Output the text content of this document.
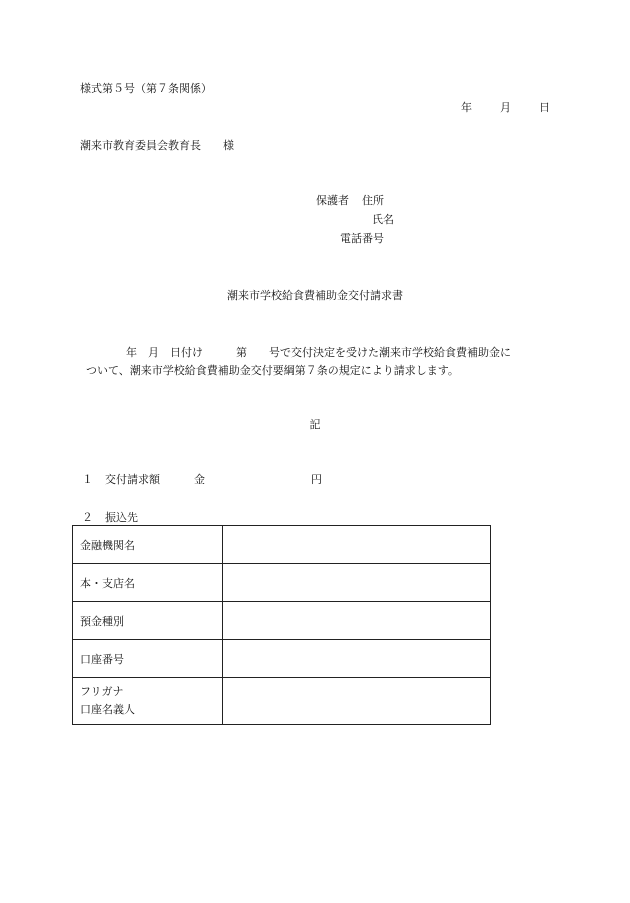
様式第５号（第７条関係）
年	月	日
潮来市教育委員会教育長 様
保護者 住所
氏名
電話番号
潮来市学校給食費補助金交付請求書
年　月　日付け　　　第　　号で交付決定を受けた潮来市学校給食費補助金に
ついて、潮来市学校給食費補助金交付要綱第７条の規定により請求します。
記
１ 交付請求額	金	円
２ 振込先
金融機関名	
本・支店名	
預金種別	
口座番号	

フリガナ
口座名義人	
